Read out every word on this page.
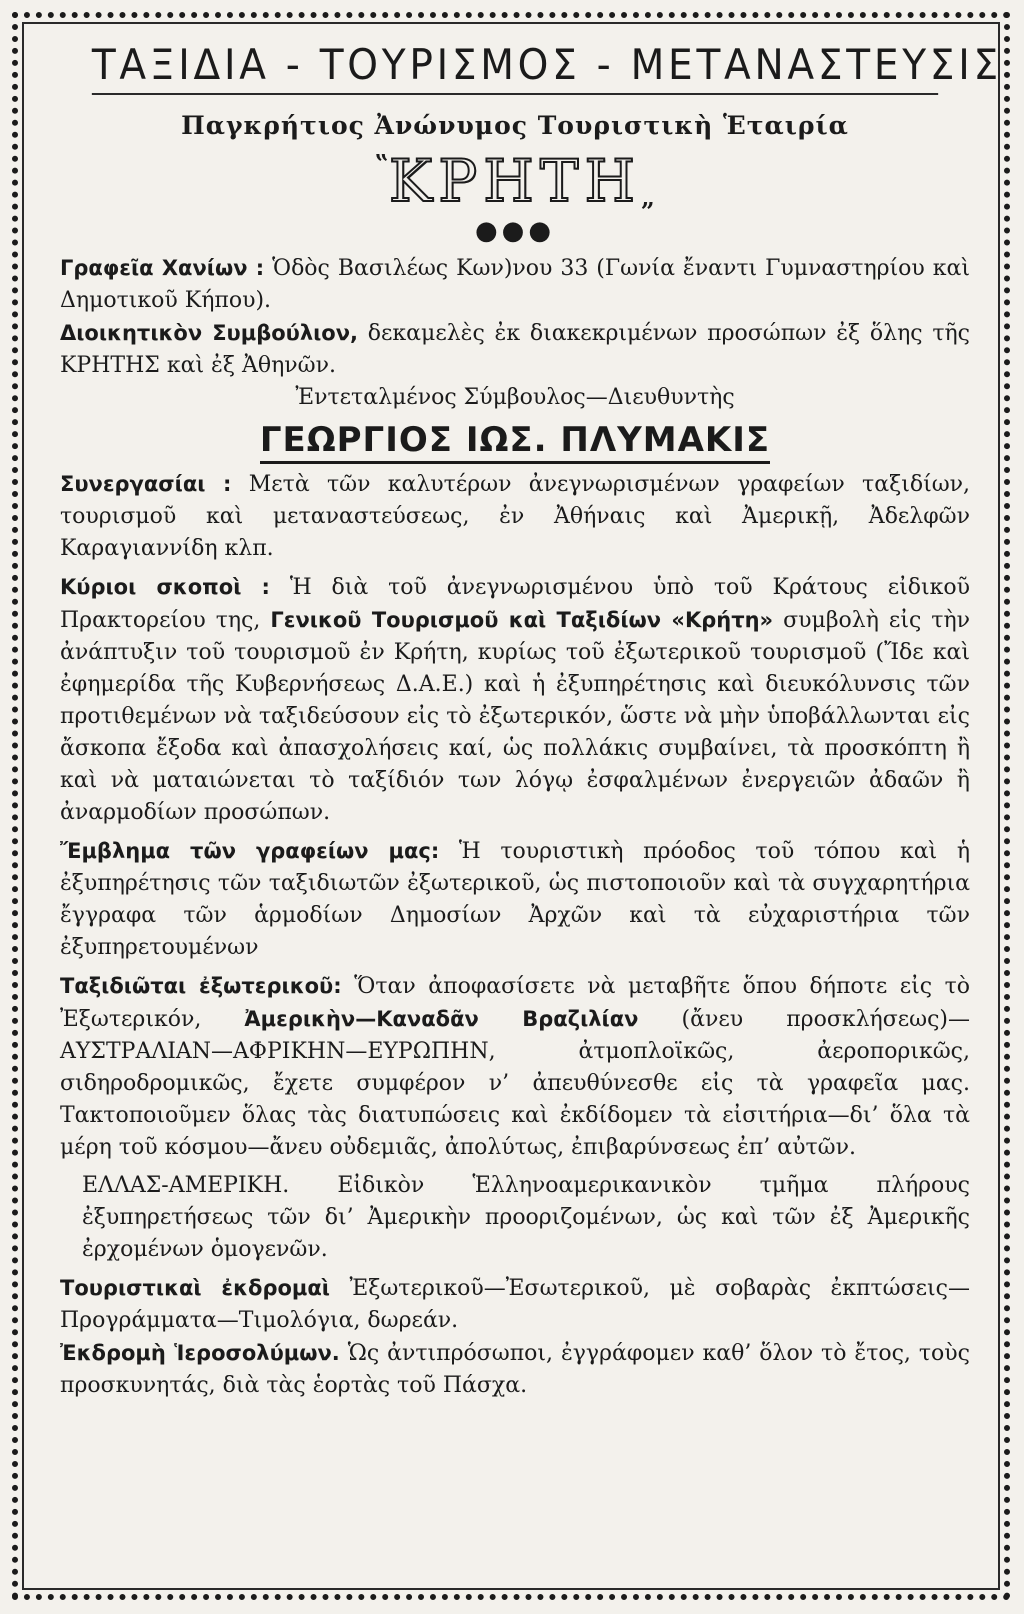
ΤΑΞΙΔΙΑ - ΤΟΥΡΙΣΜΟΣ - ΜΕΤΑΝΑΣΤΕΥΣΙΣ
Παγκρήτιος Ἀνώνυμος Τουριστικὴ Ἑταιρία
‟ΚΡΗΤΗ„
●●●

Γραφεῖα Χανίων : Ὁδὸς Βασιλέως Κων)νου 33 (Γωνία ἔναντι Γυμναστηρίου καὶ Δημοτικοῦ Κήπου).

Διοικητικὸν Συμβούλιον, δεκαμελὲς ἐκ διακεκριμένων προσώπων ἐξ ὅλης τῆς ΚΡΗΤΗΣ καὶ ἐξ Ἀθηνῶν.

Ἐντεταλμένος Σύμβουλος—Διευθυντὴς

ΓΕΩΡΓΙΟΣ ΙΩΣ. ΠΛΥΜΑΚΙΣ

Συνεργασίαι : Μετὰ τῶν καλυτέρων ἀνεγνωρισμένων γραφείων ταξιδίων, τουρισμοῦ καὶ μεταναστεύσεως, ἐν Ἀθήναις καὶ Ἀμερικῇ, Ἀδελφῶν Καραγιαννίδη κλπ.

Κύριοι σκοποὶ : Ἡ διὰ τοῦ ἀνεγνωρισμένου ὑπὸ τοῦ Κράτους εἰδικοῦ Πρακτορείου της, Γενικοῦ Τουρισμοῦ καὶ Ταξιδίων «Κρήτη» συμβολὴ εἰς τὴν ἀνάπτυξιν τοῦ τουρισμοῦ ἐν Κρήτη, κυρίως τοῦ ἐξωτερικοῦ τουρισμοῦ (Ἴδε καὶ ἐφημερίδα τῆς Κυβερνήσεως Δ.Α.Ε.) καὶ ἡ ἐξυπηρέτησις καὶ διευκόλυνσις τῶν προτιθεμένων νὰ ταξιδεύσουν εἰς τὸ ἐξωτερικόν, ὥστε νὰ μὴν ὑποβάλλωνται εἰς ἄσκοπα ἔξοδα καὶ ἀπασχολήσεις καί, ὡς πολλάκις συμβαίνει, τὰ προσκόπτη ἢ καὶ νὰ ματαιώνεται τὸ ταξίδιόν των λόγῳ ἐσφαλμένων ἐνεργειῶν ἀδαῶν ἢ ἀναρμοδίων προσώπων.

Ἔμβλημα τῶν γραφείων μας: Ἡ τουριστικὴ πρόοδος τοῦ τόπου καὶ ἡ ἐξυπηρέτησις τῶν ταξιδιωτῶν ἐξωτερικοῦ, ὡς πιστοποιοῦν καὶ τὰ συγχαρητήρια ἔγγραφα τῶν ἁρμοδίων Δημοσίων Ἀρχῶν καὶ τὰ εὐχαριστήρια τῶν ἐξυπηρετουμένων

Ταξιδιῶται ἐξωτερικοῦ: Ὅταν ἀποφασίσετε νὰ μεταβῆτε ὅπου δήποτε εἰς τὸ Ἐξωτερικόν, Ἀμερικὴν—Καναδᾶν Βραζιλίαν (ἄνευ προσκλήσεως)—ΑΥΣΤΡΑΛΙΑΝ—ΑΦΡΙΚΗΝ—ΕΥΡΩΠΗΝ, ἀτμοπλοϊκῶς, ἀεροπορικῶς, σιδηροδρομικῶς, ἔχετε συμφέρον ν’ ἀπευθύνεσθε εἰς τὰ γραφεῖα μας. Τακτοποιοῦμεν ὅλας τὰς διατυπώσεις καὶ ἐκδίδομεν τὰ εἰσιτήρια—δι’ ὅλα τὰ μέρη τοῦ κόσμου—ἄνευ οὐδεμιᾶς, ἀπολύτως, ἐπιβαρύνσεως ἐπ’ αὐτῶν.

ΕΛΛΑΣ-ΑΜΕΡΙΚΗ. Εἰδικὸν Ἑλληνοαμερικανικὸν τμῆμα πλήρους ἐξυπηρετήσεως τῶν δι’ Ἀμερικὴν προοριζομένων, ὡς καὶ τῶν ἐξ Ἀμερικῆς ἐρχομένων ὁμογενῶν.

Τουριστικαὶ ἐκδρομαὶ Ἐξωτερικοῦ—Ἐσωτερικοῦ, μὲ σοβαρὰς ἐκπτώσεις—Προγράμματα—Τιμολόγια, δωρεάν.

Ἐκδρομὴ Ἱεροσολύμων. Ὡς ἀντιπρόσωποι, ἐγγράφομεν καθ’ ὅλον τὸ ἔτος, τοὺς προσκυνητάς, διὰ τὰς ἑορτὰς τοῦ Πάσχα.
